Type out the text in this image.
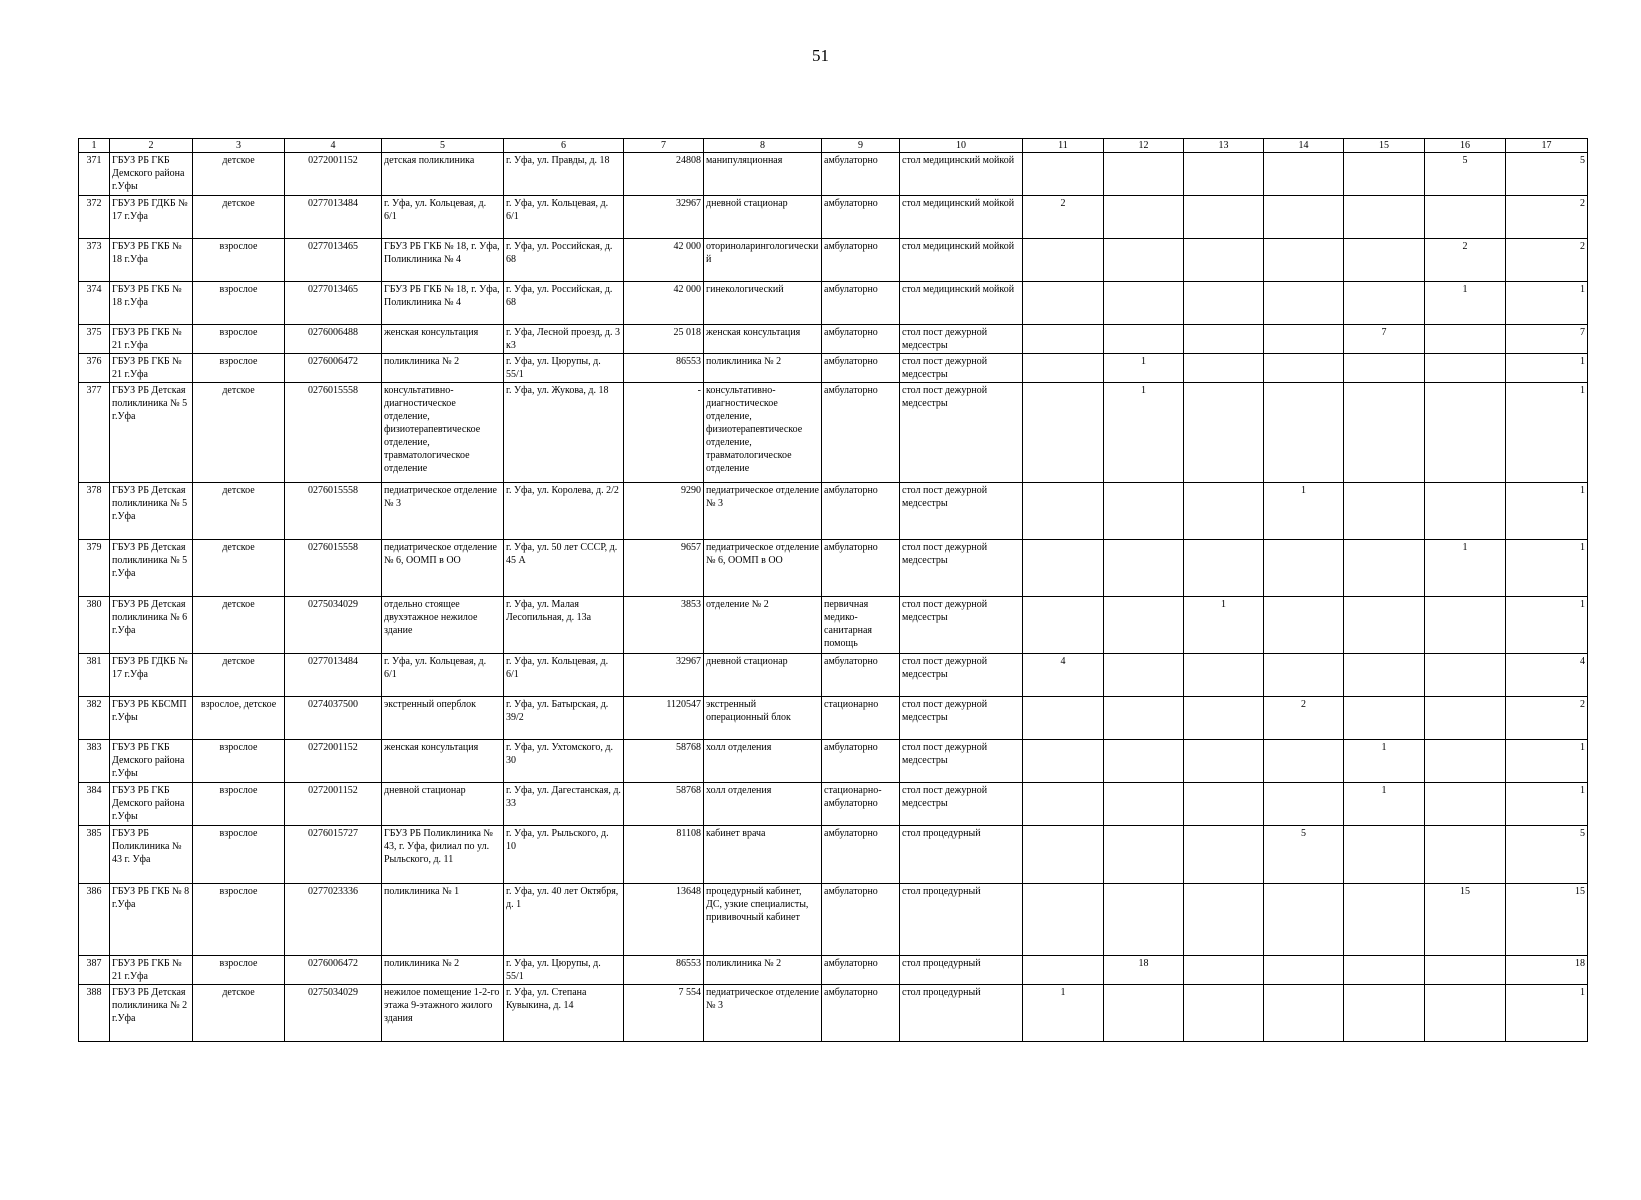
51
1	2	3	4	5	6	7	8	9	10	11	12	13	14	15	16	17
371	ГБУЗ РБ ГКБ Демского района г.Уфы	детское	0272001152	детская поликлиника	г. Уфа, ул. Правды, д. 18	24808	манипуляционная	амбулаторно	стол медицинский мойкой						5	5
372	ГБУЗ РБ ГДКБ № 17 г.Уфа	детское	0277013484	г. Уфа, ул. Кольцевая, д. 6/1	г. Уфа, ул. Кольцевая, д. 6/1	32967	дневной стационар	амбулаторно	стол медицинский мойкой	2						2
373	ГБУЗ РБ ГКБ № 18 г.Уфа	взрослое	0277013465	ГБУЗ РБ ГКБ № 18, г. Уфа, Поликлиника № 4	г. Уфа, ул. Российская, д. 68	42 000	оториноларингологический	амбулаторно	стол медицинский мойкой						2	2
374	ГБУЗ РБ ГКБ № 18 г.Уфа	взрослое	0277013465	ГБУЗ РБ ГКБ № 18, г. Уфа, Поликлиника № 4	г. Уфа, ул. Российская, д. 68	42 000	гинекологический	амбулаторно	стол медицинский мойкой						1	1
375	ГБУЗ РБ ГКБ № 21 г.Уфа	взрослое	0276006488	женская консультация	г. Уфа, Лесной проезд, д. 3 к3	25 018	женская консультация	амбулаторно	стол пост дежурной медсестры					7		7
376	ГБУЗ РБ ГКБ № 21 г.Уфа	взрослое	0276006472	поликлиника № 2	г. Уфа, ул. Цюрупы, д. 55/1	86553	поликлиника № 2	амбулаторно	стол пост дежурной медсестры		1					1
377	ГБУЗ РБ Детская поликлиника № 5 г.Уфа	детское	0276015558	консультативно-диагностическое отделение, физиотерапевтическое отделение, травматологическое отделение	г. Уфа, ул. Жукова, д. 18	-	консультативно-диагностическое отделение, физиотерапевтическое отделение, травматологическое отделение	амбулаторно	стол пост дежурной медсестры		1					1
378	ГБУЗ РБ Детская поликлиника № 5 г.Уфа	детское	0276015558	педиатрическое отделение № 3	г. Уфа, ул. Королева, д. 2/2	9290	педиатрическое отделение № 3	амбулаторно	стол пост дежурной медсестры				1			1
379	ГБУЗ РБ Детская поликлиника № 5 г.Уфа	детское	0276015558	педиатрическое отделение № 6, ООМП в ОО	г. Уфа, ул. 50 лет СССР, д. 45 А	9657	педиатрическое отделение № 6, ООМП в ОО	амбулаторно	стол пост дежурной медсестры						1	1
380	ГБУЗ РБ Детская поликлиника № 6 г.Уфа	детское	0275034029	отдельно стоящее двухэтажное нежилое здание	г. Уфа, ул. Малая Лесопильная, д. 13а	3853	отделение № 2	первичная медико-санитарная помощь	стол пост дежурной медсестры			1				1
381	ГБУЗ РБ ГДКБ № 17 г.Уфа	детское	0277013484	г. Уфа, ул. Кольцевая, д. 6/1	г. Уфа, ул. Кольцевая, д. 6/1	32967	дневной стационар	амбулаторно	стол пост дежурной медсестры	4						4
382	ГБУЗ РБ КБСМП г.Уфы	взрослое, детское	0274037500	экстренный оперблок	г. Уфа, ул. Батырская, д. 39/2	1120547	экстренный операционный блок	стационарно	стол пост дежурной медсестры				2			2
383	ГБУЗ РБ ГКБ Демского района г.Уфы	взрослое	0272001152	женская консультация	г. Уфа, ул. Ухтомского, д. 30	58768	холл отделения	амбулаторно	стол пост дежурной медсестры					1		1
384	ГБУЗ РБ ГКБ Демского района г.Уфы	взрослое	0272001152	дневной стационар	г. Уфа, ул. Дагестанская, д. 33	58768	холл отделения	стационарно-амбулаторно	стол пост дежурной медсестры					1		1
385	ГБУЗ РБ Поликлиника № 43 г. Уфа	взрослое	0276015727	ГБУЗ РБ Поликлиника № 43, г. Уфа, филиал по ул. Рыльского, д. 11	г. Уфа, ул. Рыльского, д. 10	81108	кабинет врача	амбулаторно	стол процедурный				5			5
386	ГБУЗ РБ ГКБ № 8 г.Уфа	взрослое	0277023336	поликлиника № 1	г. Уфа, ул. 40 лет Октября, д. 1	13648	процедурный кабинет, ДС, узкие специалисты, прививочный кабинет	амбулаторно	стол процедурный						15	15
387	ГБУЗ РБ ГКБ № 21 г.Уфа	взрослое	0276006472	поликлиника № 2	г. Уфа, ул. Цюрупы, д. 55/1	86553	поликлиника № 2	амбулаторно	стол процедурный		18					18
388	ГБУЗ РБ Детская поликлиника № 2 г.Уфа	детское	0275034029	нежилое помещение 1-2-го этажа 9-этажного жилого здания	г. Уфа, ул. Степана Кувыкина, д. 14	7 554	педиатрическое отделение № 3	амбулаторно	стол процедурный	1						1
